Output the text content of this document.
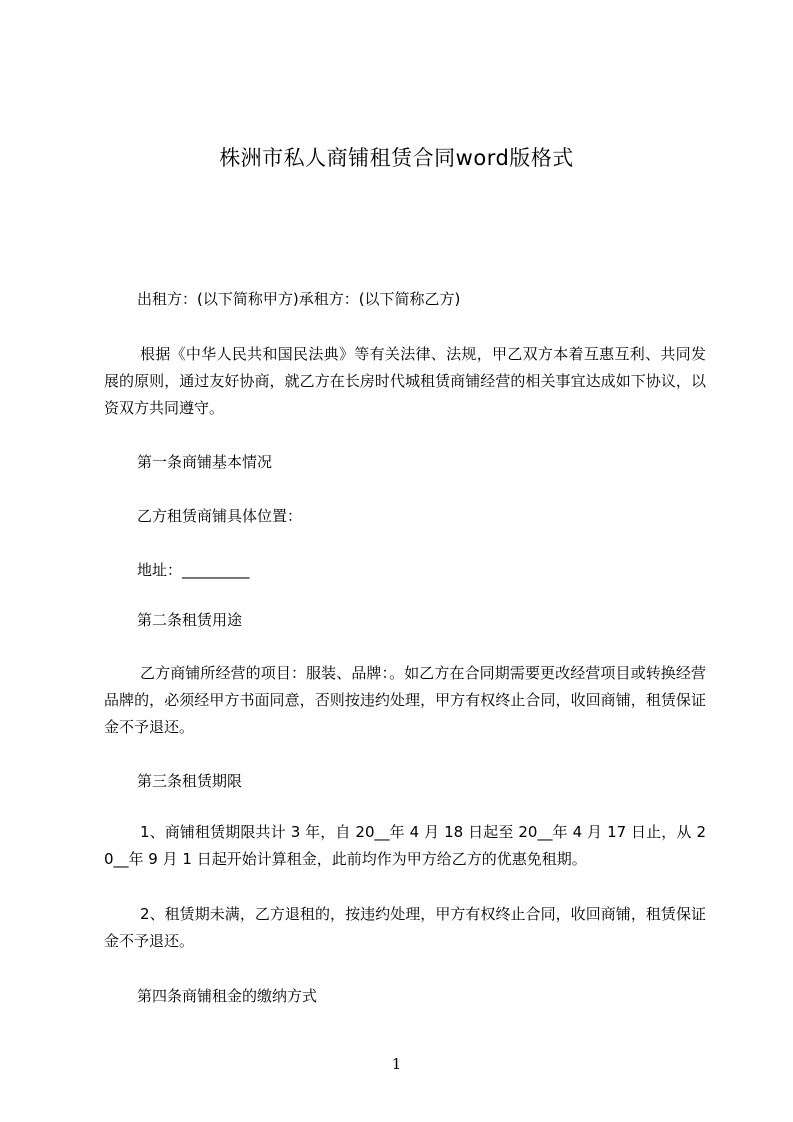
株洲市私人商铺租赁合同word版格式

出租方：(以下简称甲方)承租方：(以下简称乙方)

根据《中华人民共和国民法典》等有关法律、法规，甲乙双方本着互惠互利、共同发展的原则，通过友好协商，就乙方在长房时代城租赁商铺经营的相关事宜达成如下协议，以资双方共同遵守。

第一条商铺基本情况

乙方租赁商铺具体位置：

地址：_________

第二条租赁用途

乙方商铺所经营的项目：服装、品牌：。如乙方在合同期需要更改经营项目或转换经营品牌的，必须经甲方书面同意，否则按违约处理，甲方有权终止合同，收回商铺，租赁保证金不予退还。

第三条租赁期限

1、商铺租赁期限共计 3 年，自 20__年 4 月 18 日起至 20__年 4 月 17 日止，从 20__年 9 月 1 日起开始计算租金，此前均作为甲方给乙方的优惠免租期。

2、租赁期未满，乙方退租的，按违约处理，甲方有权终止合同，收回商铺，租赁保证金不予退还。

第四条商铺租金的缴纳方式

1
